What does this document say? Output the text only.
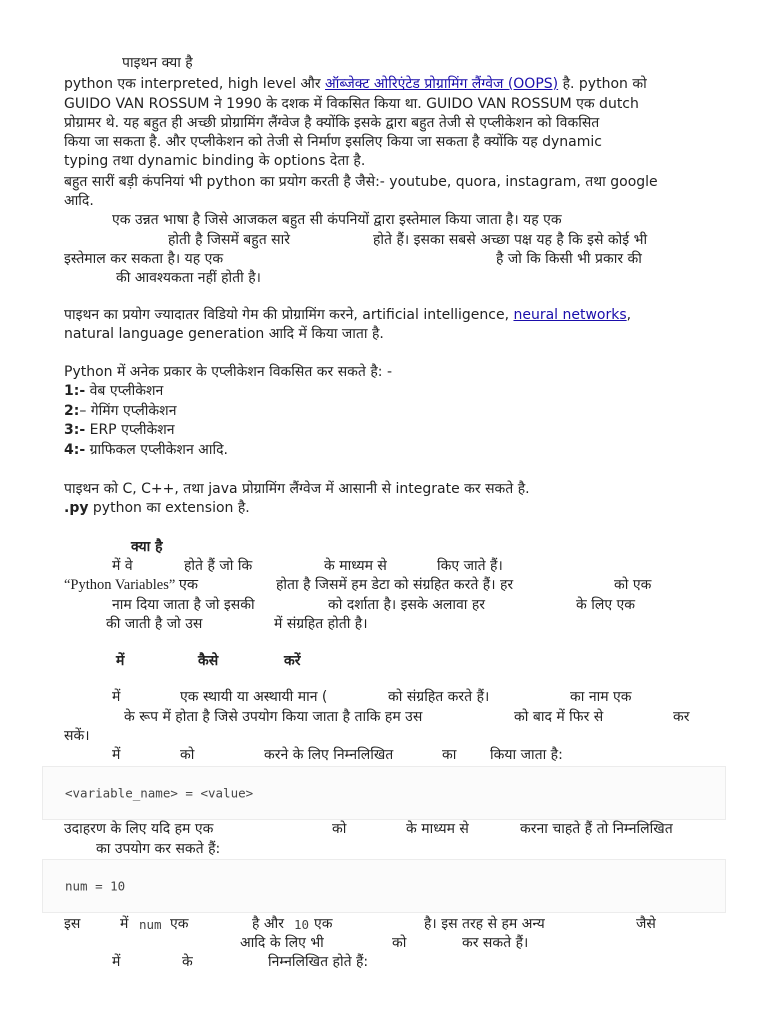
पाइथन क्या है
python एक interpreted, high level और ऑब्जेक्ट ओरिएंटेड प्रोग्रामिंग लैंग्वेज (OOPS) है. python को
GUIDO VAN ROSSUM ने 1990 के दशक में विकसित किया था. GUIDO VAN ROSSUM एक dutch
प्रोग्रामर थे. यह बहुत ही अच्छी प्रोग्रामिंग लैंग्वेज है क्योंकि इसके द्वारा बहुत तेजी से एप्लीकेशन को विकसित
किया जा सकता है. और एप्लीकेशन को तेजी से निर्माण इसलिए किया जा सकता है क्योंकि यह dynamic
typing तथा dynamic binding के options देता है.
बहुत सारीं बड़ी कंपनियां भी python का प्रयोग करती है जैसे:- youtube, quora, instagram, तथा google
आदि.
एक उन्नत भाषा है जिसे आजकल बहुत सी कंपनियों द्वारा इस्तेमाल किया जाता है। यह एक
होती है जिसमें बहुत सारे	होते हैं। इसका सबसे अच्छा पक्ष यह है कि इसे कोई भी
इस्तेमाल कर सकता है। यह एक	है जो कि किसी भी प्रकार की
की आवश्यकता नहीं होती है।
पाइथन का प्रयोग ज्यादातर विडियो गेम की प्रोग्रामिंग करने, artificial intelligence, neural networks,
natural language generation आदि में किया जाता है.
Python में अनेक प्रकार के एप्लीकेशन विकसित कर सकते है: -
1:- वेब एप्लीकेशन
2:– गेमिंग एप्लीकेशन
3:- ERP एप्लीकेशन
4:- ग्राफिकल एप्लीकेशन आदि.
पाइथन को C, C++, तथा java प्रोग्रामिंग लैंग्वेज में आसानी से integrate कर सकते है.
.py python का extension है.
क्या है
में वे	होते हैं जो कि	के माध्यम से	किए जाते हैं।
“Python Variables” एक	होता है जिसमें हम डेटा को संग्रहित करते हैं। हर	को एक
नाम दिया जाता है जो इसकी	को दर्शाता है। इसके अलावा हर	के लिए एक
की जाती है जो उस	में संग्रहित होती है।
में	कैसे	करें
में	एक स्थायी या अस्थायी मान (	को संग्रहित करते हैं।	का नाम एक
के रूप में होता है जिसे उपयोग किया जाता है ताकि हम उस	को बाद में फिर से	कर
सकें।
में	को	करने के लिए निम्नलिखित	का किया जाता है:
<variable_name> = <value>
उदाहरण के लिए यदि हम एक	को	के माध्यम से	करना चाहते हैं तो निम्नलिखित
का उपयोग कर सकते हैं:
num = 10
इस	में num एक	है और 10 एक	है। इस तरह से हम अन्य	जैसे
आदि के लिए भी	को	कर सकते हैं।
में	के	निम्नलिखित होते हैं:
